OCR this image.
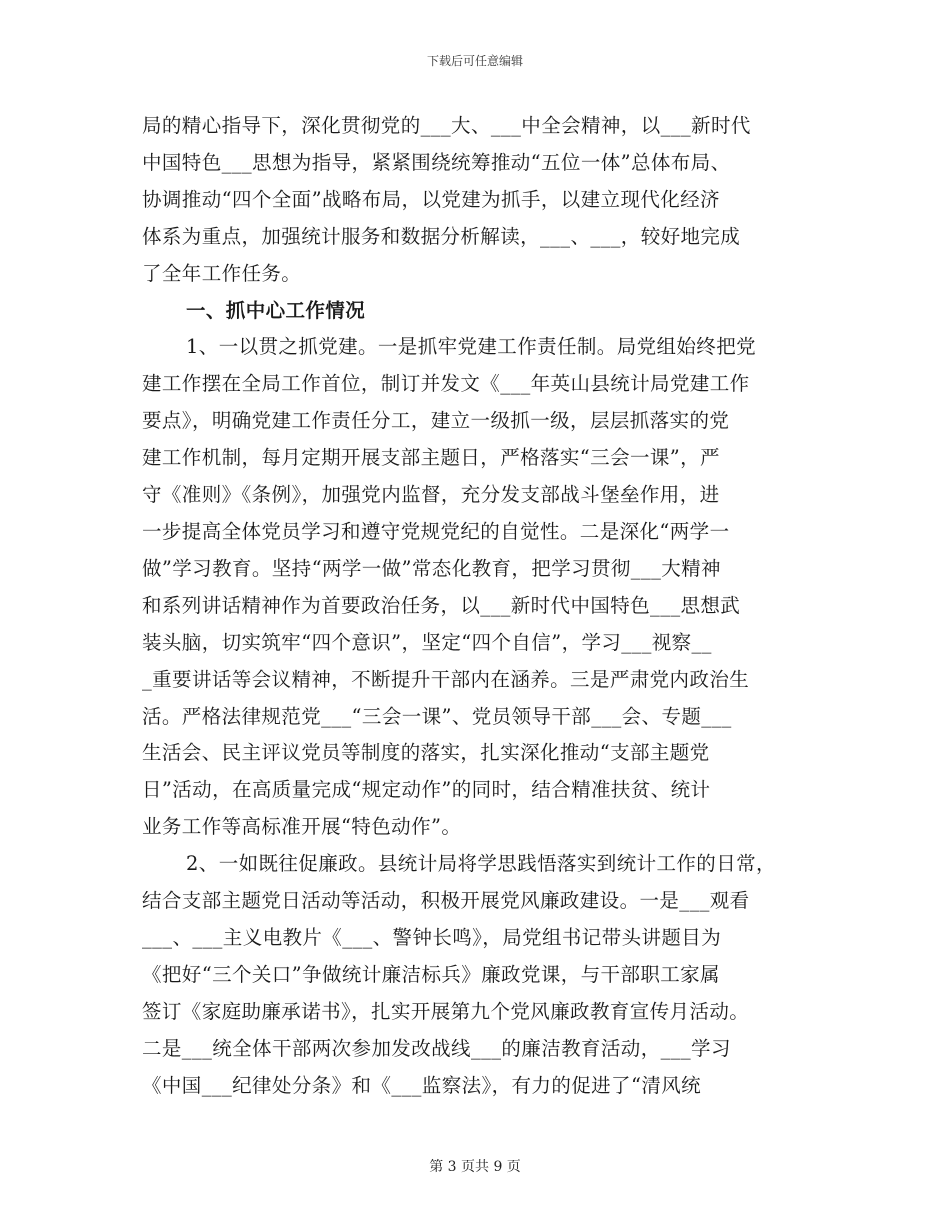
下载后可任意编辑
局的精心指导下，深化贯彻党的___大、___中全会精神，以___新时代
中国特色___思想为指导，紧紧围绕统筹推动“五位一体”总体布局、
协调推动“四个全面”战略布局，以党建为抓手，以建立现代化经济
体系为重点，加强统计服务和数据分析解读，___、___，较好地完成
了全年工作任务。
一、抓中心工作情况
1、一以贯之抓党建。一是抓牢党建工作责任制。局党组始终把党
建工作摆在全局工作首位，制订并发文《___年英山县统计局党建工作
要点》，明确党建工作责任分工，建立一级抓一级，层层抓落实的党
建工作机制，每月定期开展支部主题日，严格落实“三会一课”，严
守《准则》《条例》，加强党内监督，充分发支部战斗堡垒作用，进
一步提高全体党员学习和遵守党规党纪的自觉性。二是深化“两学一
做”学习教育。坚持“两学一做”常态化教育，把学习贯彻___大精神
和系列讲话精神作为首要政治任务，以___新时代中国特色___思想武
装头脑，切实筑牢“四个意识”，坚定“四个自信”，学习___视察__
_重要讲话等会议精神，不断提升干部内在涵养。三是严肃党内政治生
活。严格法律规范党___“三会一课”、党员领导干部___会、专题___
生活会、民主评议党员等制度的落实，扎实深化推动“支部主题党
日”活动，在高质量完成“规定动作”的同时，结合精准扶贫、统计
业务工作等高标准开展“特色动作”。
2、一如既往促廉政。县统计局将学思践悟落实到统计工作的日常，
结合支部主题党日活动等活动，积极开展党风廉政建设。一是___观看
___、___主义电教片《___、警钟长鸣》，局党组书记带头讲题目为
《把好“三个关口”争做统计廉洁标兵》廉政党课，与干部职工家属
签订《家庭助廉承诺书》，扎实开展第九个党风廉政教育宣传月活动。
二是___统全体干部两次参加发改战线___的廉洁教育活动，___学习
《中国___纪律处分条》和《___监察法》，有力的促进了“清风统
第 3 页共 9 页
